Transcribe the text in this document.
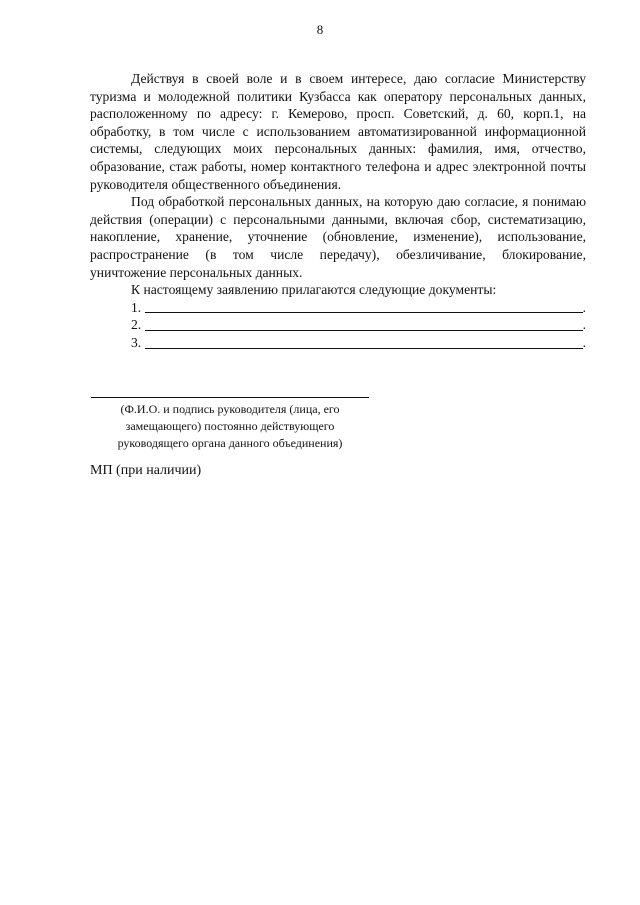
8

Действуя в своей воле и в своем интересе, даю согласие Министерству туризма и молодежной политики Кузбасса как оператору персональных данных, расположенному по адресу: г. Кемерово, просп. Советский, д. 60, корп.1, на обработку, в том числе с использованием автоматизированной информационной системы, следующих моих персональных данных: фамилия, имя, отчество, образование, стаж работы, номер контактного телефона и адрес электронной почты руководителя общественного объединения.

Под обработкой персональных данных, на которую даю согласие, я понимаю действия (операции) с персональными данными, включая сбор, систематизацию, накопление, хранение, уточнение (обновление, изменение), использование, распространение (в том числе передачу), обезличивание, блокирование, уничтожение персональных данных.

К настоящему заявлению прилагаются следующие документы:

1.	.
2.	.
3.	.
(Ф.И.О. и подпись руководителя (лица, его
замещающего) постоянно действующего
руководящего органа данного объединения)
МП (при наличии)
